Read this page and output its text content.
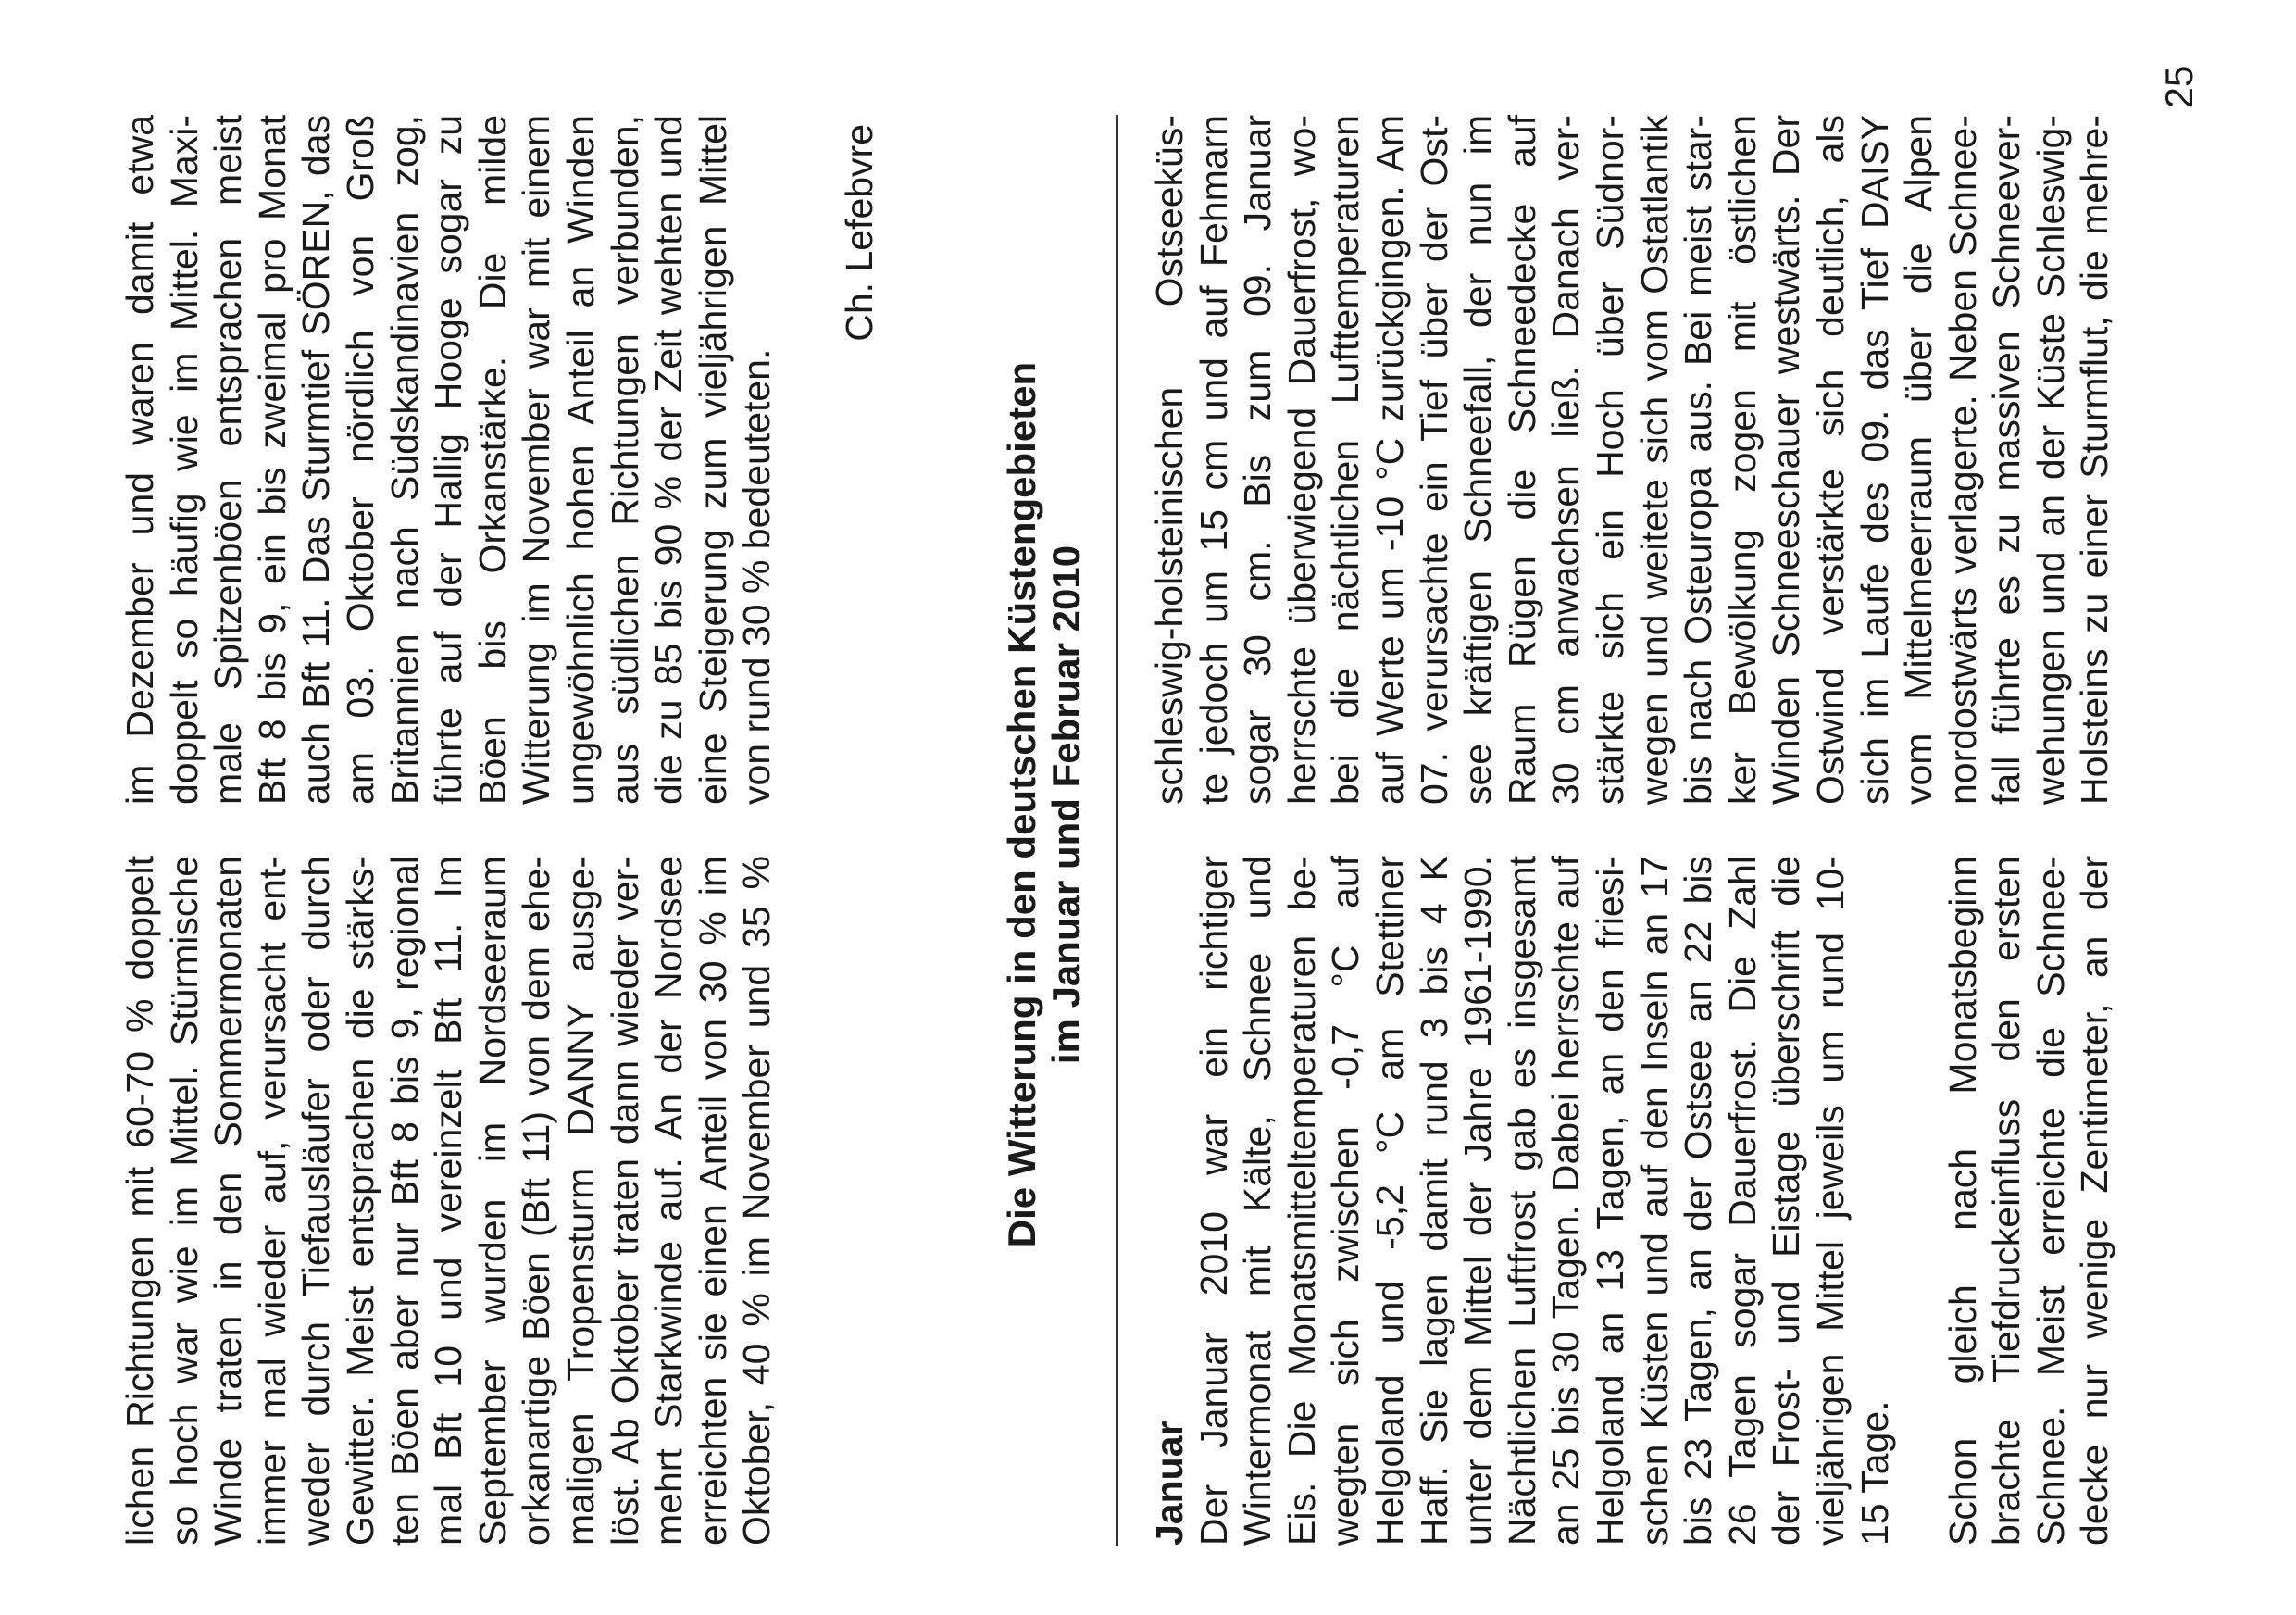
lichen Richtungen mit 60-70 % doppelt so hoch war wie im Mittel. Stürmische Winde traten in den Sommermonaten immer mal wieder auf, verursacht ent- weder durch Tiefausläufer oder durch Gewitter. Meist entsprachen die stärks- ten Böen aber nur Bft 8 bis 9, regional mal Bft 10 und vereinzelt Bft 11. Im September wurden im Nordseeraum orkanartige Böen (Bft 11) von dem ehe- maligen Tropensturm DANNY ausge- löst. Ab Oktober traten dann wieder ver- mehrt Starkwinde auf. An der Nordsee erreichten sie einen Anteil von 30 % im Oktober, 40 % im November und 35 %
im Dezember und waren damit etwa doppelt so häufig wie im Mittel. Maxi- male Spitzenböen entsprachen meist Bft 8 bis 9, ein bis zweimal pro Monat auch Bft 11. Das Sturmtief SÖREN, das am 03. Oktober nördlich von Groß Britannien nach Südskandinavien zog, führte auf der Hallig Hooge sogar zu Böen bis Orkanstärke. Die milde Witterung im November war mit einem ungewöhnlich hohen Anteil an Winden aus südlichen Richtungen verbunden, die zu 85 bis 90 % der Zeit wehten und eine Steigerung zum vieljährigen Mittel von rund 30 % bedeuteten.
Ch. Lefebvre
Die Witterung in den deutschen Küstengebieten im Januar und Februar 2010
Januar Der Januar 2010 war ein richtiger Wintermonat mit Kälte, Schnee und Eis. Die Monatsmitteltemperaturen be- wegten sich zwischen -0,7 °C auf Helgoland und -5,2 °C am Stettiner Haff. Sie lagen damit rund 3 bis 4 K unter dem Mittel der Jahre 1961-1990. Nächtlichen Luftfrost gab es insgesamt an 25 bis 30 Tagen. Dabei herrschte auf Helgoland an 13 Tagen, an den friesi- schen Küsten und auf den Inseln an 17 bis 23 Tagen, an der Ostsee an 22 bis 26 Tagen sogar Dauerfrost. Die Zahl der Frost- und Eistage überschrift die vieljährigen Mittel jeweils um rund 10- 15 Tage. Schon gleich nach Monatsbeginn brachte Tiefdruckeinfluss den ersten Schnee. Meist erreichte die Schnee- decke nur wenige Zentimeter, an der
schleswig-holsteinischen Ostseeküs- te jedoch um 15 cm und auf Fehmarn sogar 30 cm. Bis zum 09. Januar herrschte überwiegend Dauerfrost, wo- bei die nächtlichen Lufttemperaturen auf Werte um -10 °C zurückgingen. Am 07. verursachte ein Tief über der Ost- see kräftigen Schneefall, der nun im Raum Rügen die Schneedecke auf 30 cm anwachsen ließ. Danach ver- stärkte sich ein Hoch über Südnor- wegen und weitete sich vom Ostatlantik bis nach Osteuropa aus. Bei meist star- ker Bewölkung zogen mit östlichen Winden Schneeschauer westwärts. Der Ostwind verstärkte sich deutlich, als sich im Laufe des 09. das Tief DAISY vom Mittelmeerraum über die Alpen nordostwärts verlagerte. Neben Schnee- fall führte es zu massiven Schneever- wehungen und an der Küste Schleswig- Holsteins zu einer Sturmflut, die mehre-
25
